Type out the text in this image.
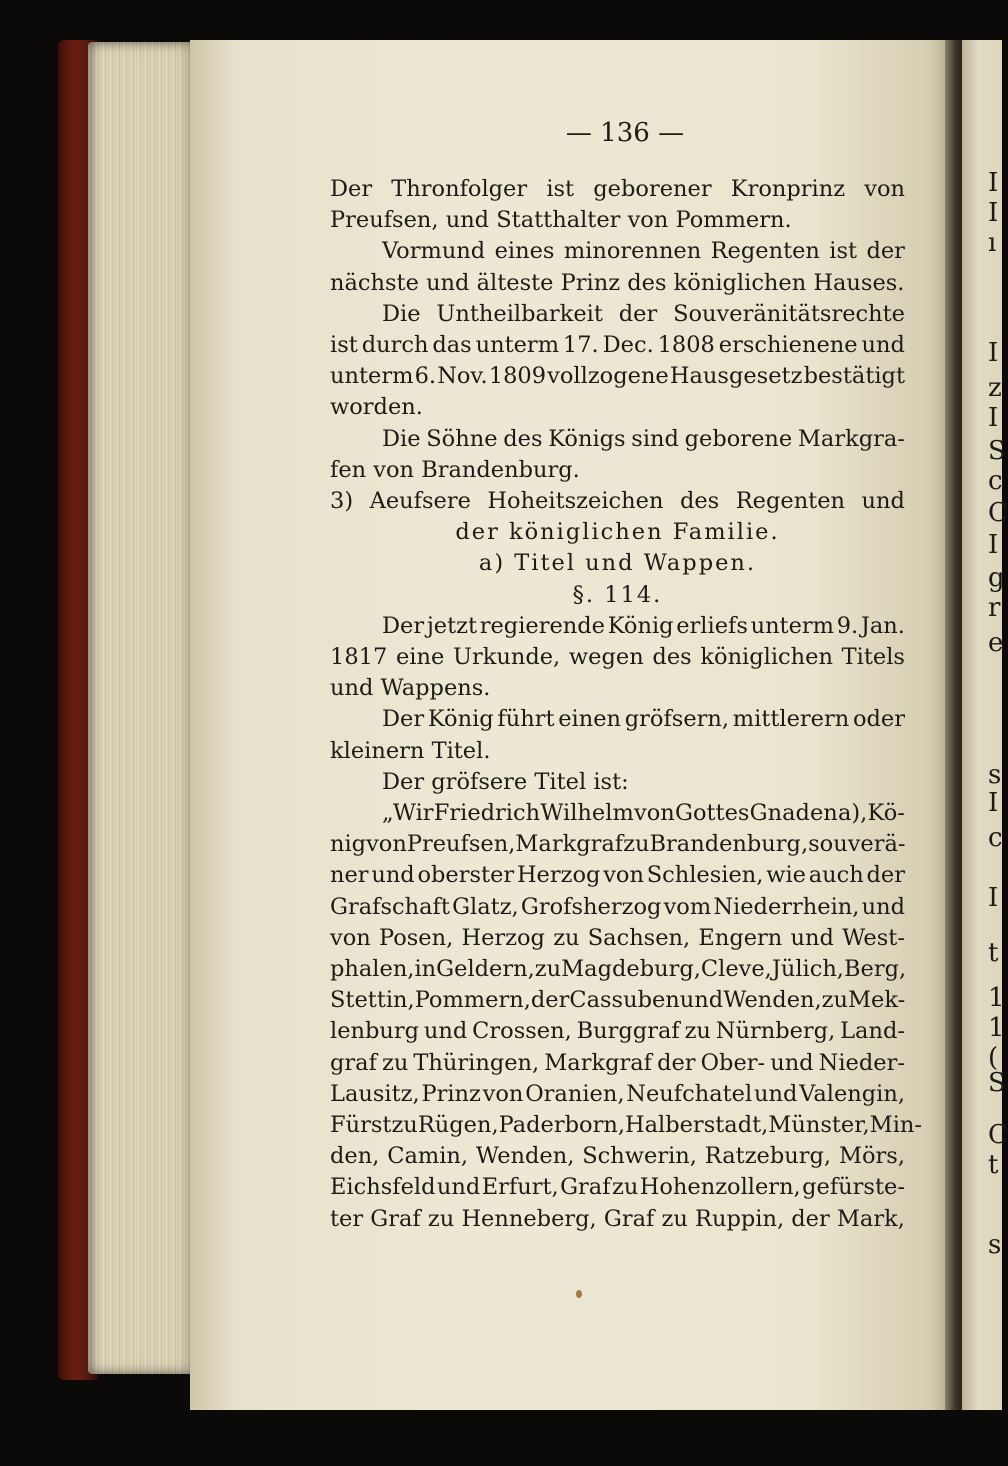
I
I
ı
I
z
I
S
c
C
I
g
r
e
s
I
c
I
t
1
1
(
S
C
t
s
— 136 —
Der Thronfolger ist geborener Kronprinz von
Preufsen, und Statthalter von Pommern.
Vormund eines minorennen Regenten ist der
nächste und älteste Prinz des königlichen Hauses.
Die Untheilbarkeit der Souveränitätsrechte
ist durch das unterm 17. Dec. 1808 erschienene und
unterm 6. Nov. 1809 vollzogene Hausgesetz bestätigt
worden.
Die Söhne des Königs sind geborene Markgra-
fen von Brandenburg.
3) Aeufsere Hoheitszeichen des Regenten und
der königlichen Familie.
a) Titel und Wappen.
§. 114.
Der jetzt regierende König erliefs unterm 9. Jan.
1817 eine Urkunde, wegen des königlichen Titels
und Wappens.
Der König führt einen gröfsern, mittlerern oder
kleinern Titel.
Der gröfsere Titel ist:
„Wir Friedrich Wilhelm von Gottes Gnaden a), Kö-
nig von Preufsen, Markgraf zu Brandenburg, souverä-
ner und oberster Herzog von Schlesien, wie auch der
Grafschaft Glatz, Grofsherzog vom Niederrhein, und
von Posen, Herzog zu Sachsen, Engern und West-
phalen, in Geldern, zu Magdeburg, Cleve, Jülich, Berg,
Stettin, Pommern, der Cassuben und Wenden, zu Mek-
lenburg und Crossen, Burggraf zu Nürnberg, Land-
graf zu Thüringen, Markgraf der Ober- und Nieder-
Lausitz, Prinz von Oranien, Neufchatel und Valengin,
Fürst zu Rügen, Paderborn, Halberstadt, Münster, Min-
den, Camin, Wenden, Schwerin, Ratzeburg, Mörs,
Eichsfeld und Erfurt, Graf zu Hohenzollern, gefürste-
ter Graf zu Henneberg, Graf zu Ruppin, der Mark,
